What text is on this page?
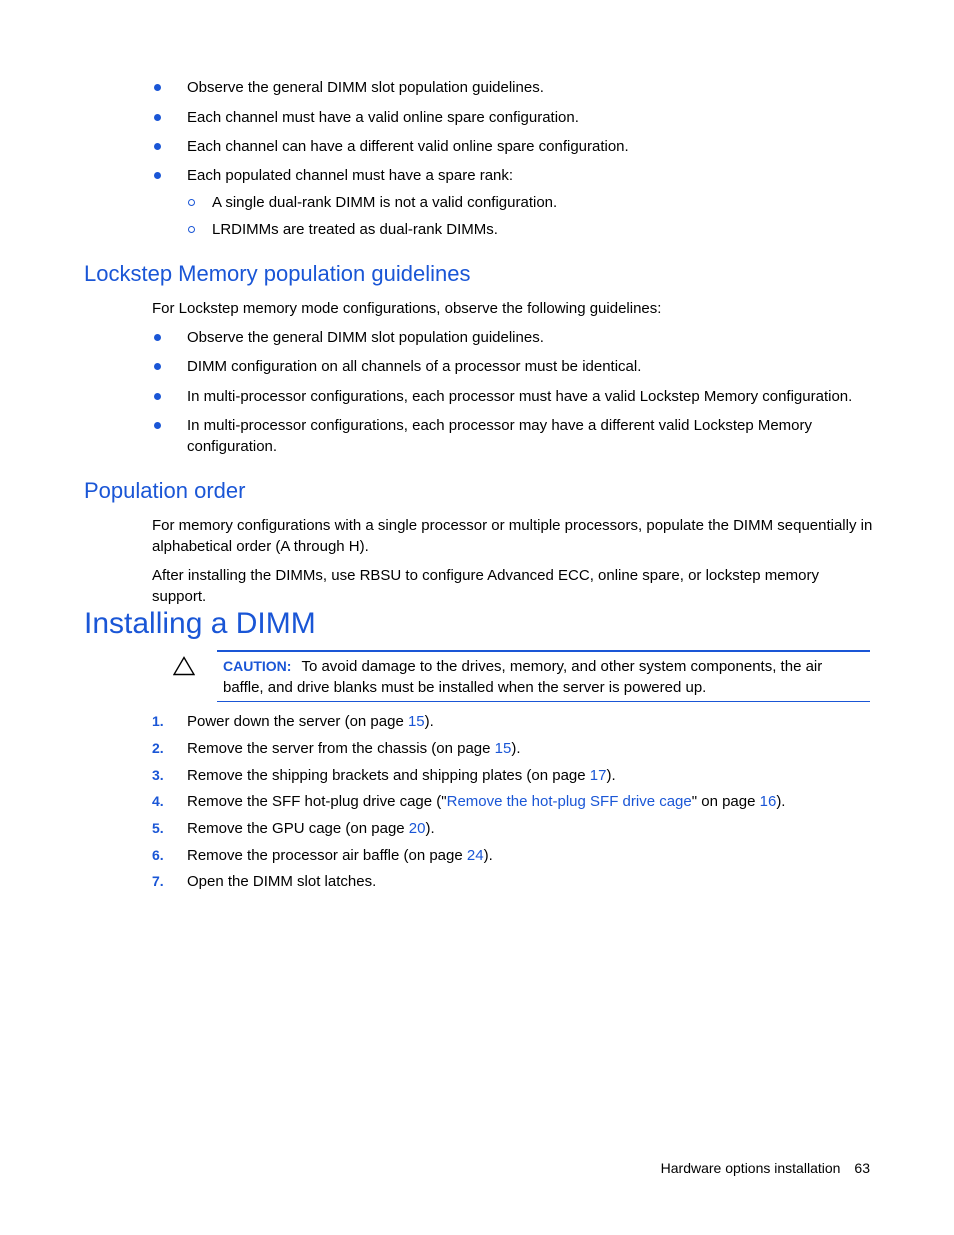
Observe the general DIMM slot population guidelines.
Each channel must have a valid online spare configuration.
Each channel can have a different valid online spare configuration.
Each populated channel must have a spare rank:
A single dual-rank DIMM is not a valid configuration.
LRDIMMs are treated as dual-rank DIMMs.
Lockstep Memory population guidelines

For Lockstep memory mode configurations, observe the following guidelines:

Observe the general DIMM slot population guidelines.
DIMM configuration on all channels of a processor must be identical.
In multi-processor configurations, each processor must have a valid Lockstep Memory configuration.
In multi-processor configurations, each processor may have a different valid Lockstep Memory configuration.
Population order

For memory configurations with a single processor or multiple processors, populate the DIMM sequentially in alphabetical order (A through H).

After installing the DIMMs, use RBSU to configure Advanced ECC, online spare, or lockstep memory support.

Installing a DIMM
CAUTION: To avoid damage to the drives, memory, and other system components, the air baffle, and drive blanks must be installed when the server is powered up.
1. Power down the server (on page 15).
2. Remove the server from the chassis (on page 15).
3. Remove the shipping brackets and shipping plates (on page 17).
4. Remove the SFF hot-plug drive cage ("Remove the hot-plug SFF drive cage" on page 16).
5. Remove the GPU cage (on page 20).
6. Remove the processor air baffle (on page 24).
7. Open the DIMM slot latches.
Hardware options installation 63
